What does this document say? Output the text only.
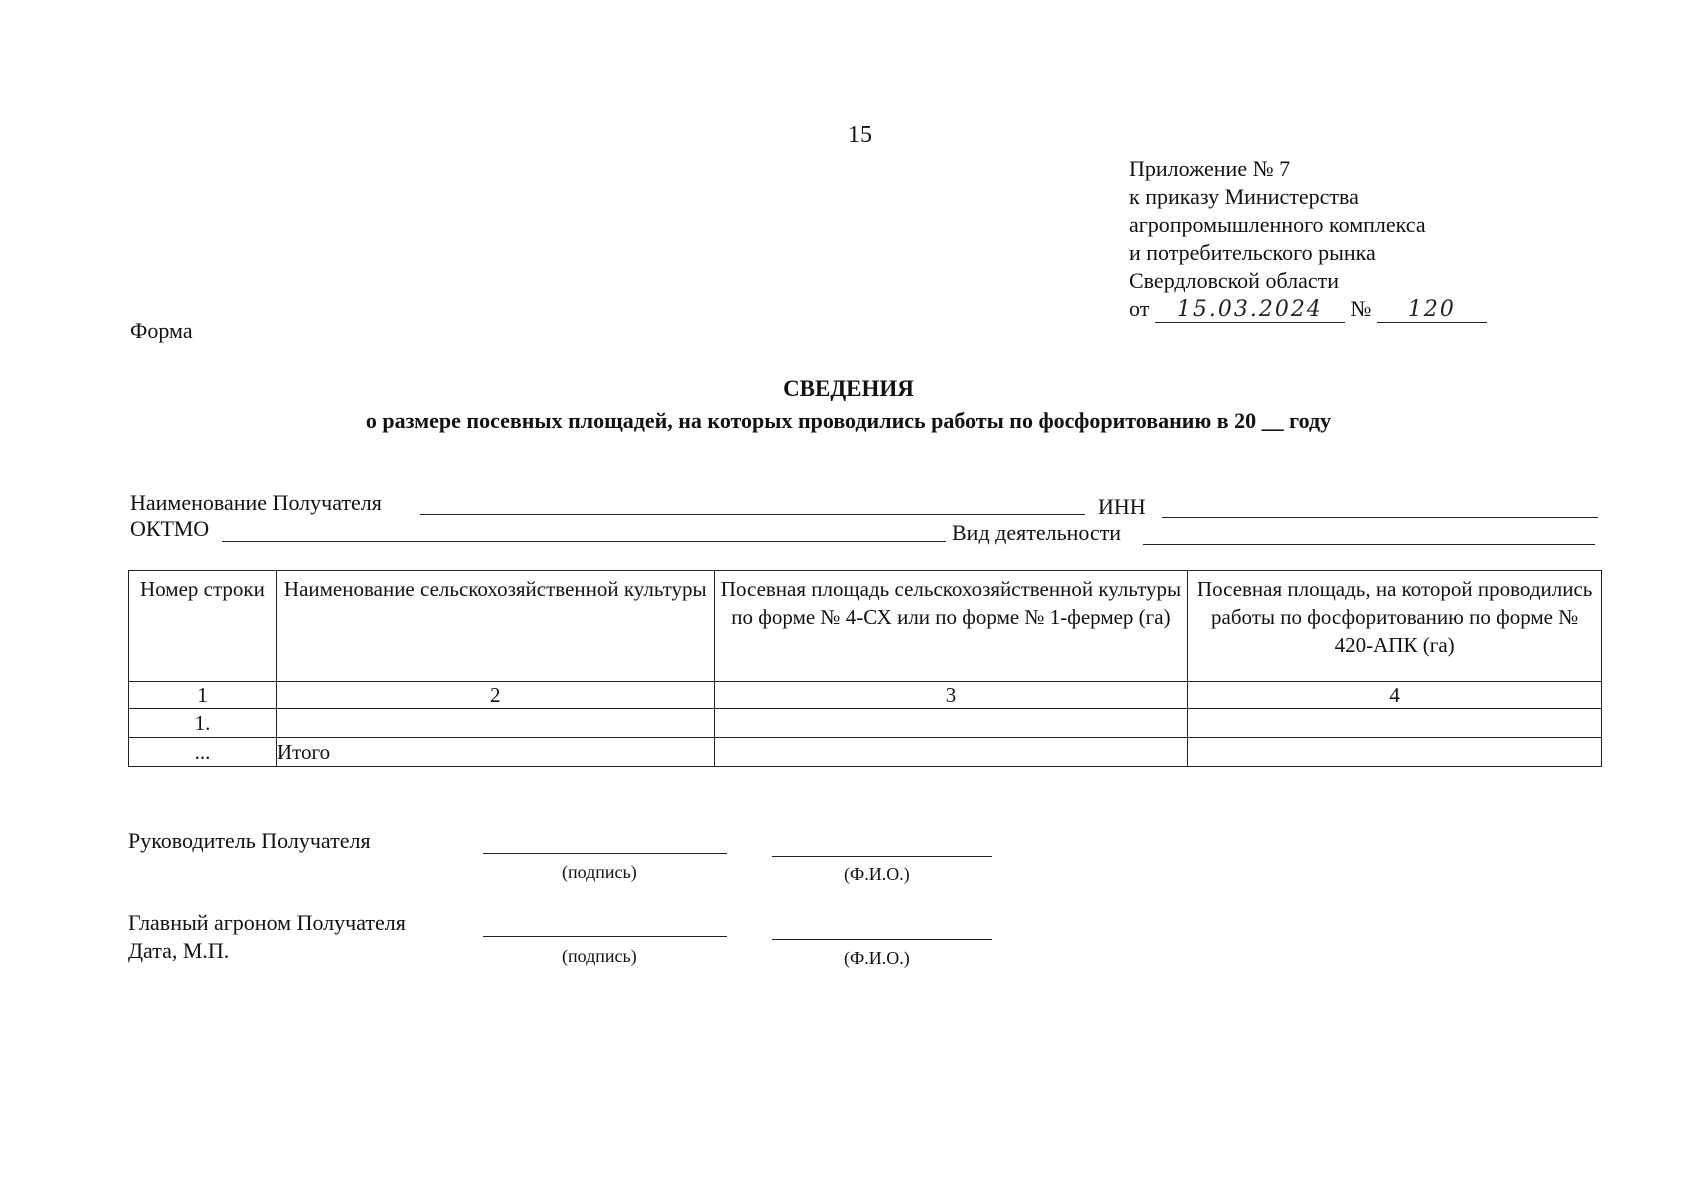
15
Приложение № 7
к приказу Министерства
агропромышленного комплекса
и потребительского рынка
Свердловской области
от 15.03.2024 № 120
Форма
СВЕДЕНИЯ
о размере посевных площадей, на которых проводились работы по фосфоритованию в 20 __ году
Наименование Получателя	ИНН
ОКТМО	Вид деятельности
Номер строки	Наименование сельскохозяйственной культуры	Посевная площадь сельскохозяйственной культуры по форме № 4-СХ или по форме № 1-фермер (га)	Посевная площадь, на которой проводились работы по фосфоритованию по форме № 420-АПК (га)
1	2	3	4
1.			
...	Итого		
Руководитель Получателя
(подпись)	(Ф.И.О.)
Главный агроном Получателя
Дата, М.П.	(подпись)	(Ф.И.О.)
